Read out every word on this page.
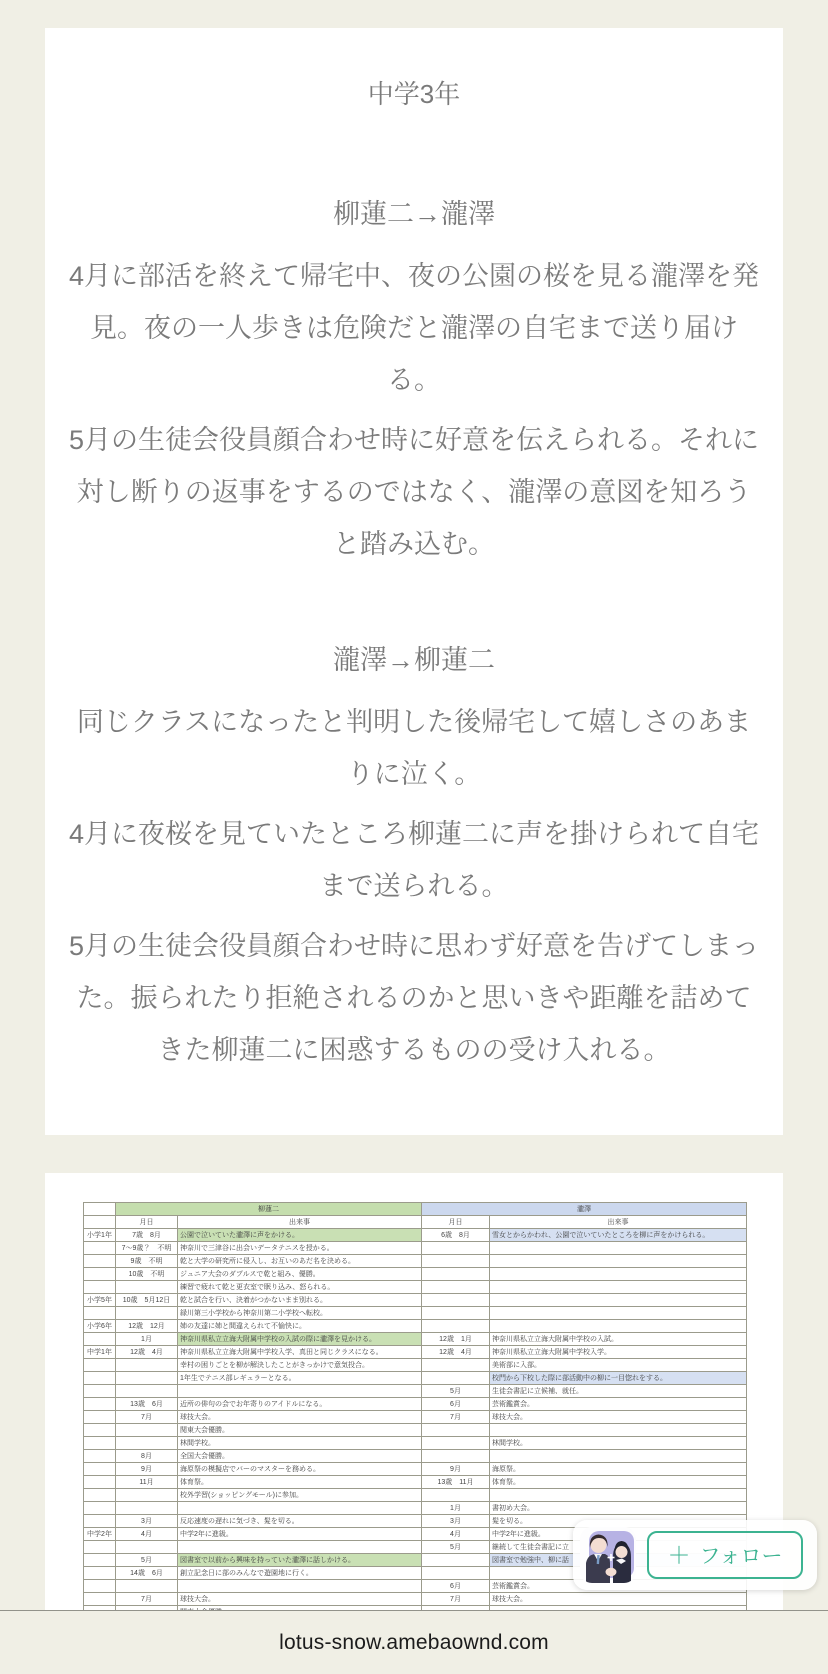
中学3年
柳蓮二→瀧澤

4月に部活を終えて帰宅中、夜の公園の桜を見る瀧澤を発見。夜の一人歩きは危険だと瀧澤の自宅まで送り届ける。

5月の生徒会役員顔合わせ時に好意を伝えられる。それに対し断りの返事をするのではなく、瀧澤の意図を知ろうと踏み込む。

瀧澤→柳蓮二

同じクラスになったと判明した後帰宅して嬉しさのあまりに泣く。

4月に夜桜を見ていたところ柳蓮二に声を掛けられて自宅まで送られる。

5月の生徒会役員顔合わせ時に思わず好意を告げてしまった。振られたり拒絶されるのかと思いきや距離を詰めてきた柳蓮二に困惑するものの受け入れる。

	柳蓮二		瀧澤	
	月日	出来事	月日	出来事
小学1年	7歳　8月	公園で泣いていた瀧澤に声をかける。	6歳　8月	雪女とからかわれ、公園で泣いていたところを柳に声をかけられる。
	7～9歳？　不明	神奈川で三津谷に出会いデータテニスを授かる。		
	9歳　不明	乾と大学の研究所に侵入し、お互いのあだ名を決める。		
	10歳　不明	ジュニア大会のダブルスで乾と組み、優勝。		
		練習で疲れて乾と更衣室で眠り込み、怒られる。		
小学5年	10歳　5月12日	乾と試合を行い、決着がつかないまま別れる。		
		緑川第三小学校から神奈川第二小学校へ転校。		
小学6年	12歳　12月	姉の友達に姉と間違えられて不愉快に。		
	1月	神奈川県私立立海大附属中学校の入試の際に瀧澤を見かける。	12歳　1月	神奈川県私立立海大附属中学校の入試。
中学1年	12歳　4月	神奈川県私立立海大附属中学校入学、真田と同じクラスになる。	12歳　4月	神奈川県私立立海大附属中学校入学。
		幸村の困りごとを柳が解決したことがきっかけで意気投合。		美術部に入部。
		1年生でテニス部レギュラーとなる。		校門から下校した際に部活動中の柳に一目惚れをする。
			5月	生徒会書記に立候補、就任。
	13歳　6月	近所の俳句の会でお年寄りのアイドルになる。	6月	芸術鑑賞会。
	7月	球技大会。	7月	球技大会。
		関東大会優勝。		
		林間学校。		林間学校。
	8月	全国大会優勝。		
	9月	海原祭の模擬店でバーのマスターを務める。	9月	海原祭。
	11月	体育祭。	13歳　11月	体育祭。
		校外学習(ショッピングモール)に参加。		
			1月	書初め大会。
	3月	反応速度の遅れに気づき、髪を切る。	3月	髪を切る。
中学2年	4月	中学2年に進級。	4月	中学2年に進級。
			5月	継続して生徒会書記に立
	5月	図書室で以前から興味を持っていた瀧澤に話しかける。		図書室で勉強中、柳に話
	14歳　6月	創立記念日に部のみんなで遊園地に行く。		
			6月	芸術鑑賞会。
	7月	球技大会。	7月	球技大会。

＋ フォロー
lotus-snow.amebaownd.com
